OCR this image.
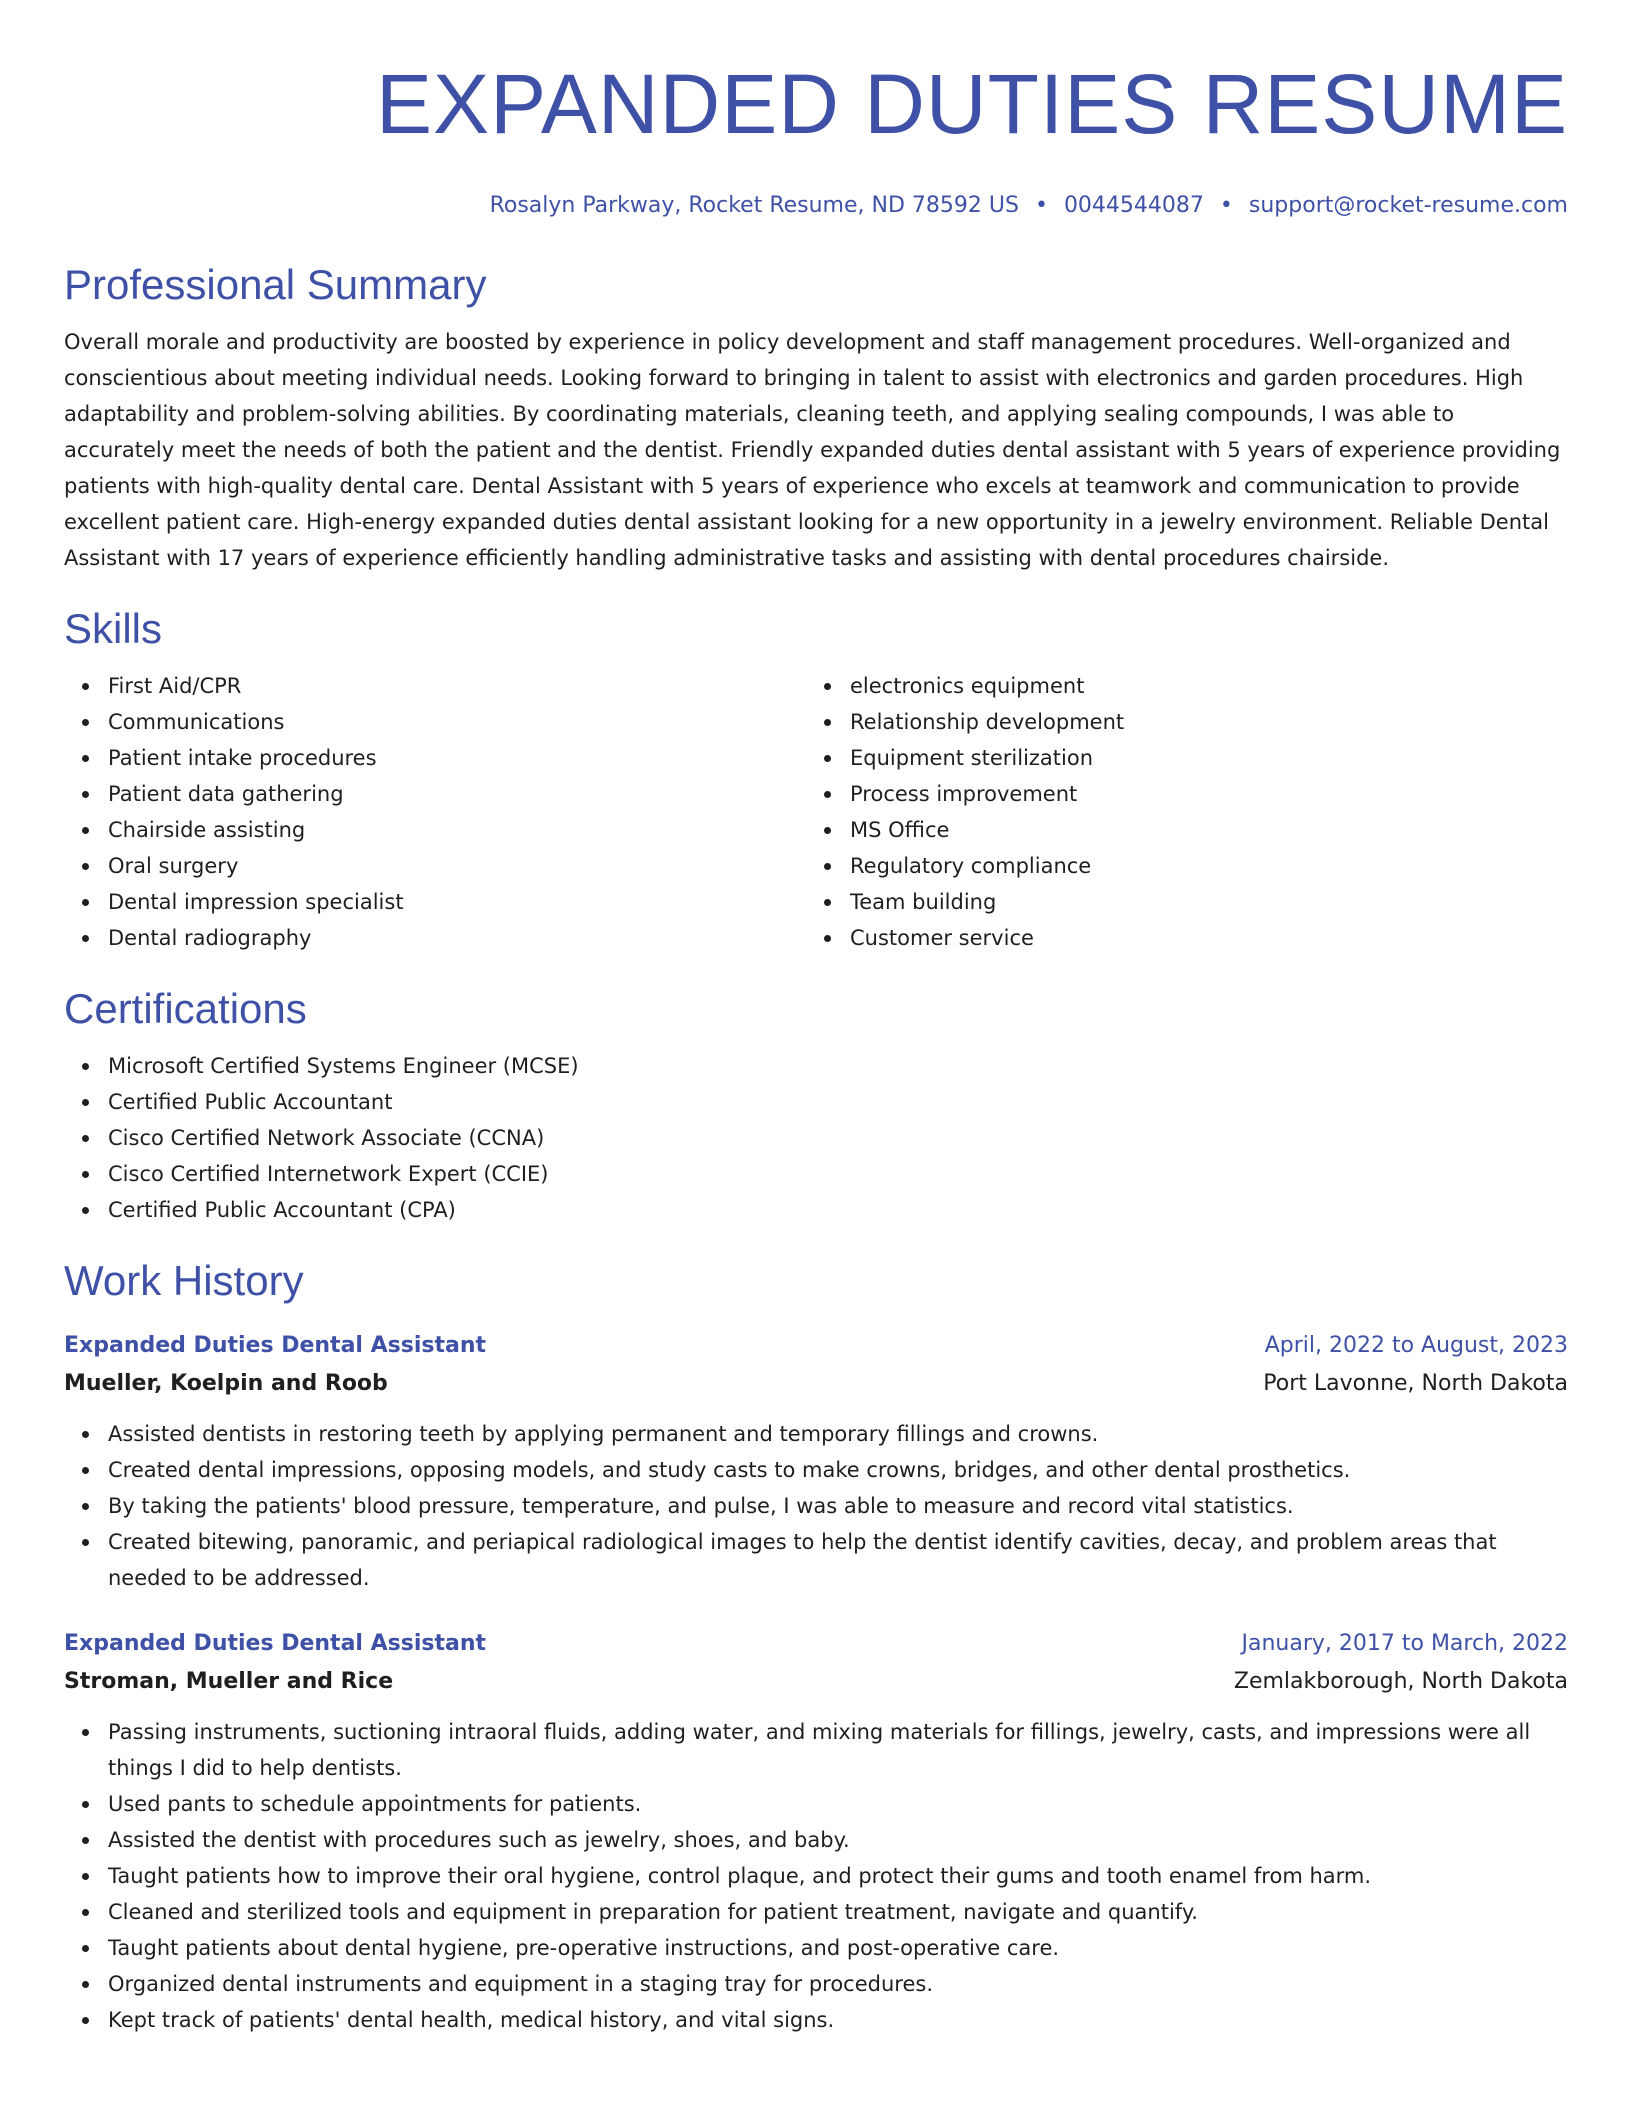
EXPANDED DUTIES RESUME
Rosalyn Parkway, Rocket Resume, ND 78592 US • 0044544087 • support@rocket-resume.com
Professional Summary

Overall morale and productivity are boosted by experience in policy development and staff management procedures. Well-organized and conscientious about meeting individual needs. Looking forward to bringing in talent to assist with electronics and garden procedures. High adaptability and problem-solving abilities. By coordinating materials, cleaning teeth, and applying sealing compounds, I was able to accurately meet the needs of both the patient and the dentist. Friendly expanded duties dental assistant with 5 years of experience providing patients with high-quality dental care. Dental Assistant with 5 years of experience who excels at teamwork and communication to provide excellent patient care. High-energy expanded duties dental assistant looking for a new opportunity in a jewelry environment. Reliable Dental Assistant with 17 years of experience efficiently handling administrative tasks and assisting with dental procedures chairside.

Skills
First Aid/CPR
Communications
Patient intake procedures
Patient data gathering
Chairside assisting
Oral surgery
Dental impression specialist
Dental radiography
electronics equipment
Relationship development
Equipment sterilization
Process improvement
MS Office
Regulatory compliance
Team building
Customer service
Certifications
Microsoft Certified Systems Engineer (MCSE)
Certified Public Accountant
Cisco Certified Network Associate (CCNA)
Cisco Certified Internetwork Expert (CCIE)
Certified Public Accountant (CPA)
Work History
Expanded Duties Dental Assistant	April, 2022 to August, 2023
Mueller, Koelpin and Roob	Port Lavonne, North Dakota
Assisted dentists in restoring teeth by applying permanent and temporary fillings and crowns.
Created dental impressions, opposing models, and study casts to make crowns, bridges, and other dental prosthetics.
By taking the patients' blood pressure, temperature, and pulse, I was able to measure and record vital statistics.
Created bitewing, panoramic, and periapical radiological images to help the dentist identify cavities, decay, and problem areas that needed to be addressed.
Expanded Duties Dental Assistant	January, 2017 to March, 2022
Stroman, Mueller and Rice	Zemlakborough, North Dakota
Passing instruments, suctioning intraoral fluids, adding water, and mixing materials for fillings, jewelry, casts, and impressions were all things I did to help dentists.
Used pants to schedule appointments for patients.
Assisted the dentist with procedures such as jewelry, shoes, and baby.
Taught patients how to improve their oral hygiene, control plaque, and protect their gums and tooth enamel from harm.
Cleaned and sterilized tools and equipment in preparation for patient treatment, navigate and quantify.
Taught patients about dental hygiene, pre-operative instructions, and post-operative care.
Organized dental instruments and equipment in a staging tray for procedures.
Kept track of patients' dental health, medical history, and vital signs.
